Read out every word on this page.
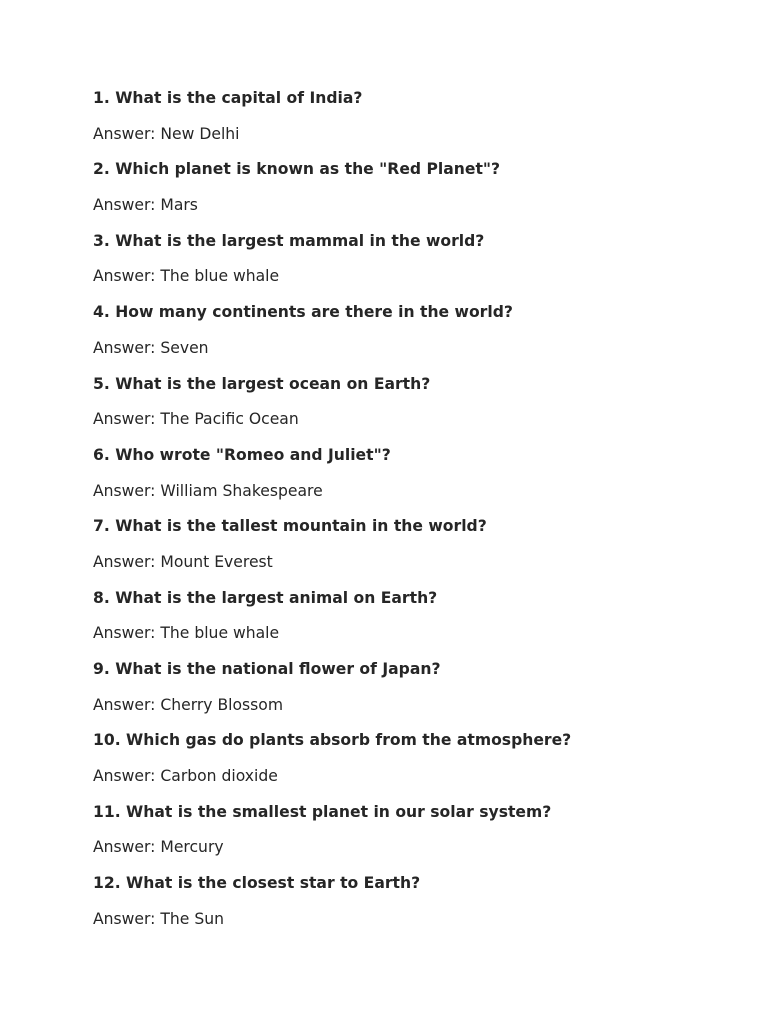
1. What is the capital of India?
Answer: New Delhi
2. Which planet is known as the "Red Planet"?
Answer: Mars
3. What is the largest mammal in the world?
Answer: The blue whale
4. How many continents are there in the world?
Answer: Seven
5. What is the largest ocean on Earth?
Answer: The Pacific Ocean
6. Who wrote "Romeo and Juliet"?
Answer: William Shakespeare
7. What is the tallest mountain in the world?
Answer: Mount Everest
8. What is the largest animal on Earth?
Answer: The blue whale
9. What is the national flower of Japan?
Answer: Cherry Blossom
10. Which gas do plants absorb from the atmosphere?
Answer: Carbon dioxide
11. What is the smallest planet in our solar system?
Answer: Mercury
12. What is the closest star to Earth?
Answer: The Sun
